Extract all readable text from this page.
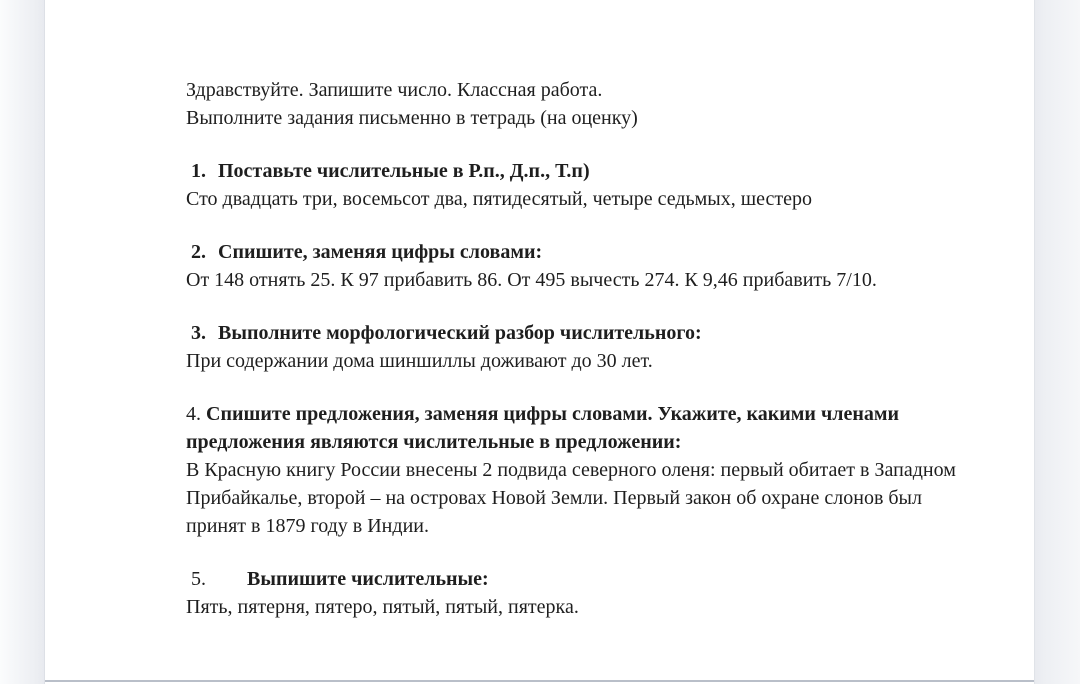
Здравствуйте. Запишите число. Классная работа.
Выполните задания письменно в тетрадь (на оценку)
1. Поставьте числительные в Р.п., Д.п., Т.п)
Сто двадцать три, восемьсот два, пятидесятый, четыре седьмых, шестеро
2. Спишите, заменяя цифры словами:
От 148 отнять 25. К 97 прибавить 86. От 495 вычесть 274. К 9,46 прибавить 7/10.
3. Выполните морфологический разбор числительного:
При содержании дома шиншиллы доживают до 30 лет.
4. Спишите предложения, заменяя цифры словами. Укажите, какими членами предложения являются числительные в предложении:
В Красную книгу России внесены 2 подвида северного оленя: первый обитает в Западном Прибайкалье, второй – на островах Новой Земли. Первый закон об охране слонов был принят в 1879 году в Индии.
5. Выпишите числительные:
Пять, пятерня, пятеро, пятый, пятый, пятерка.
